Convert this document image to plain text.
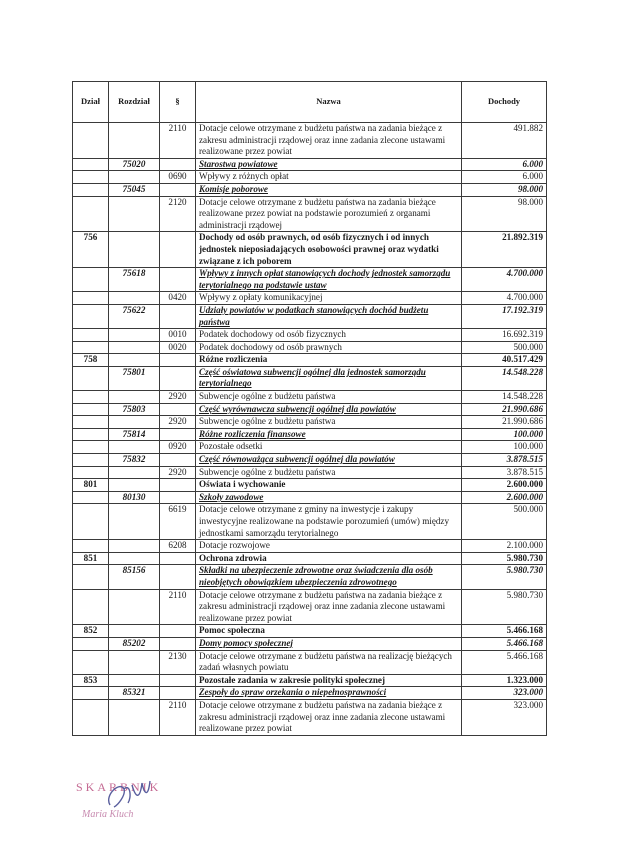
Dział	Rozdział	§	Nazwa	Dochody
		2110	Dotacje celowe otrzymane z budżetu państwa na zadania bieżące z zakresu administracji rządowej oraz inne zadania zlecone ustawami realizowane przez powiat	491.882
	75020		Starostwa powiatowe	6.000
		0690	Wpływy z różnych opłat	6.000
	75045		Komisje poborowe	98.000
		2120	Dotacje celowe otrzymane z budżetu państwa na zadania bieżące realizowane przez powiat na podstawie porozumień z organami administracji rządowej	98.000
756			Dochody od osób prawnych, od osób fizycznych i od innych jednostek nieposiadających osobowości prawnej oraz wydatki związane z ich poborem	21.892.319
	75618		Wpływy z innych opłat stanowiących dochody jednostek samorządu terytorialnego na podstawie ustaw	4.700.000
		0420	Wpływy z opłaty komunikacyjnej	4.700.000
	75622		Udziały powiatów w podatkach stanowiących dochód budżetu państwa	17.192.319
		0010	Podatek dochodowy od osób fizycznych	16.692.319
		0020	Podatek dochodowy od osób prawnych	500.000
758			Różne rozliczenia	40.517.429
	75801		Część oświatowa subwencji ogólnej dla jednostek samorządu terytorialnego	14.548.228
		2920	Subwencje ogólne z budżetu państwa	14.548.228
	75803		Część wyrównawcza subwencji ogólnej dla powiatów	21.990.686
		2920	Subwencje ogólne z budżetu państwa	21.990.686
	75814		Różne rozliczenia finansowe	100.000
		0920	Pozostałe odsetki	100.000
	75832		Część równoważąca subwencji ogólnej dla powiatów	3.878.515
		2920	Subwencje ogólne z budżetu państwa	3.878.515
801			Oświata i wychowanie	2.600.000
	80130		Szkoły zawodowe	2.600.000
		6619	Dotacje celowe otrzymane z gminy na inwestycje i zakupy inwestycyjne realizowane na podstawie porozumień (umów) między jednostkami samorządu terytorialnego	500.000
		6208	Dotacje rozwojowe	2.100.000
851			Ochrona zdrowia	5.980.730
	85156		Składki na ubezpieczenie zdrowotne oraz świadczenia dla osób nieobjętych obowiązkiem ubezpieczenia zdrowotnego	5.980.730
		2110	Dotacje celowe otrzymane z budżetu państwa na zadania bieżące z zakresu administracji rządowej oraz inne zadania zlecone ustawami realizowane przez powiat	5.980.730
852			Pomoc społeczna	5.466.168
	85202		Domy pomocy społecznej	5.466.168
		2130	Dotacje celowe otrzymane z budżetu państwa na realizację bieżących zadań własnych powiatu	5.466.168
853			Pozostałe zadania w zakresie polityki społecznej	1.323.000
	85321		Zespoły do spraw orzekania o niepełnosprawności	323.000
		2110	Dotacje celowe otrzymane z budżetu państwa na zadania bieżące z zakresu administracji rządowej oraz inne zadania zlecone ustawami realizowane przez powiat	323.000
SKARBNIK
Maria Kluch
